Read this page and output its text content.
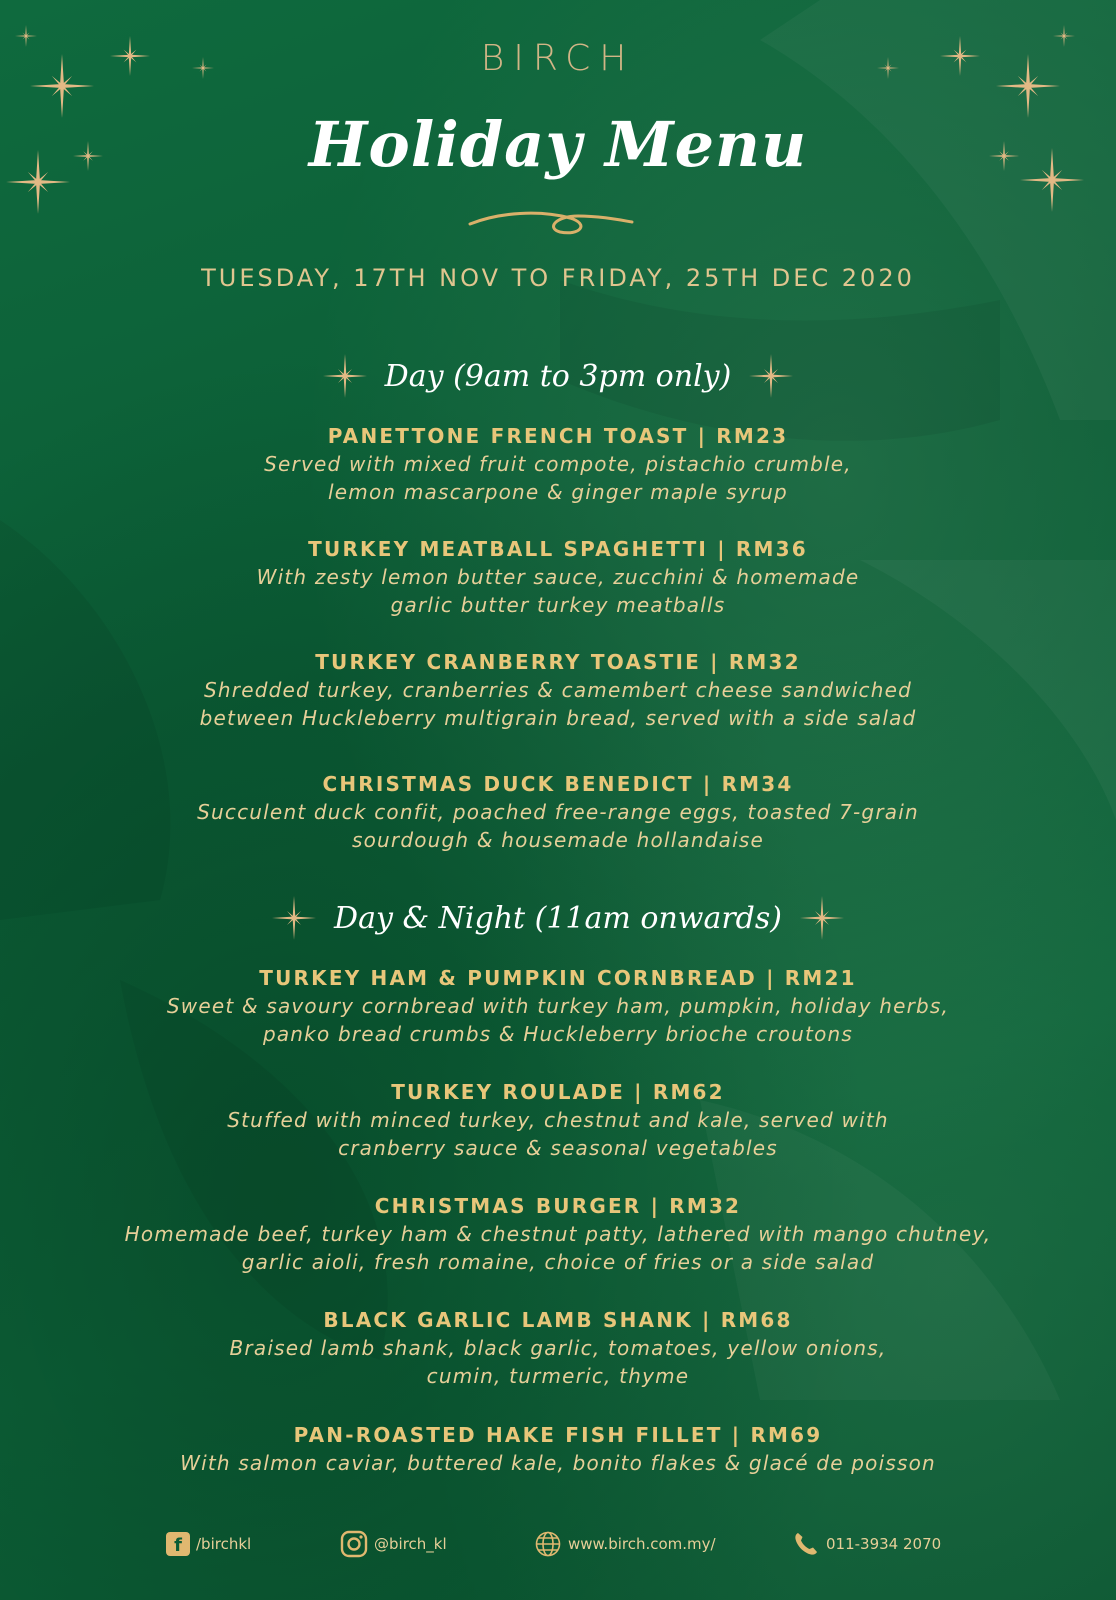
BIRCH
Holiday Menu
TUESDAY, 17TH NOV TO FRIDAY, 25TH DEC 2020
Day (9am to 3pm only)
PANETTONE FRENCH TOAST | RM23
Served with mixed fruit compote, pistachio crumble,
lemon mascarpone & ginger maple syrup
TURKEY MEATBALL SPAGHETTI | RM36
With zesty lemon butter sauce, zucchini & homemade
garlic butter turkey meatballs
TURKEY CRANBERRY TOASTIE | RM32
Shredded turkey, cranberries & camembert cheese sandwiched
between Huckleberry multigrain bread, served with a side salad
CHRISTMAS DUCK BENEDICT | RM34
Succulent duck confit, poached free-range eggs, toasted 7-grain
sourdough & housemade hollandaise
Day & Night (11am onwards)
TURKEY HAM & PUMPKIN CORNBREAD | RM21
Sweet & savoury cornbread with turkey ham, pumpkin, holiday herbs,
panko bread crumbs & Huckleberry brioche croutons
TURKEY ROULADE | RM62
Stuffed with minced turkey, chestnut and kale, served with
cranberry sauce & seasonal vegetables
CHRISTMAS BURGER | RM32
Homemade beef, turkey ham & chestnut patty, lathered with mango chutney,
garlic aioli, fresh romaine, choice of fries or a side salad
BLACK GARLIC LAMB SHANK | RM68
Braised lamb shank, black garlic, tomatoes, yellow onions,
cumin, turmeric, thyme
PAN-ROASTED HAKE FISH FILLET | RM69
With salmon caviar, buttered kale, bonito flakes & glacé de poisson
f /birchkl	@birch_kl	www.birch.com.my/	011-3934 2070
